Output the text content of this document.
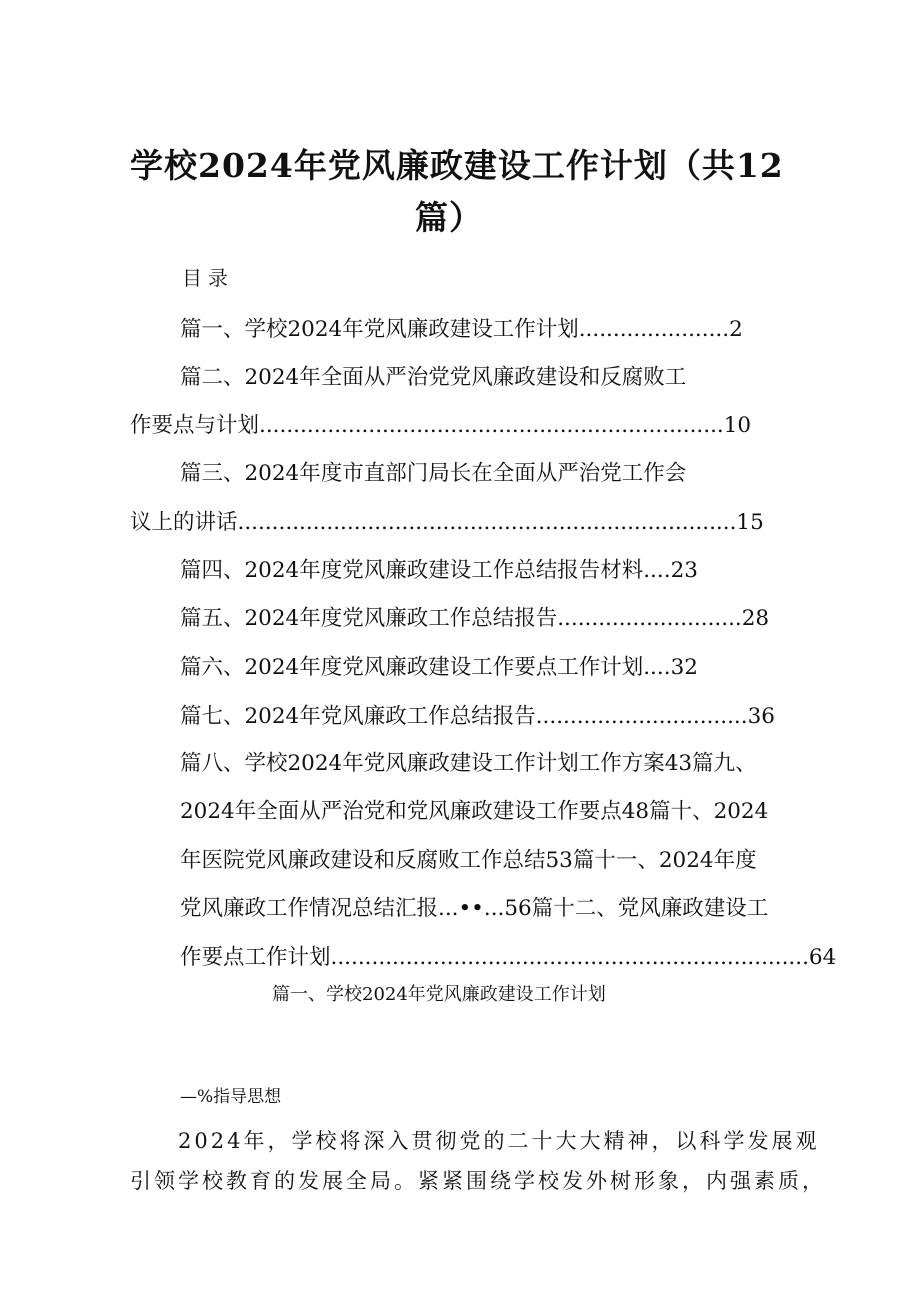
学校2024年党风廉政建设工作计划（共12
篇）
目录
篇一、学校2024年党风廉政建设工作计划......................2
篇二、2024年全面从严治党党风廉政建设和反腐败工
作要点与计划....................................................................10
篇三、2024年度市直部门局长在全面从严治党工作会
议上的讲话.........................................................................15
篇四、2024年度党风廉政建设工作总结报告材料....23
篇五、2024年度党风廉政工作总结报告...........................28
篇六、2024年度党风廉政建设工作要点工作计划....32
篇七、2024年党风廉政工作总结报告...............................36
篇八、学校2024年党风廉政建设工作计划工作方案43篇九、
2024年全面从严治党和党风廉政建设工作要点48篇十、2024
年医院党风廉政建设和反腐败工作总结53篇十一、2024年度
党风廉政工作情况总结汇报...••...56篇十二、党风廉政建设工
作要点工作计划......................................................................64
篇一、学校2024年党风廉政建设工作计划
—%指导思想
2024年，学校将深入贯彻党的二十大大精神，以科学发展观
引领学校教育的发展全局。紧紧围绕学校发外树形象，内强素质，
